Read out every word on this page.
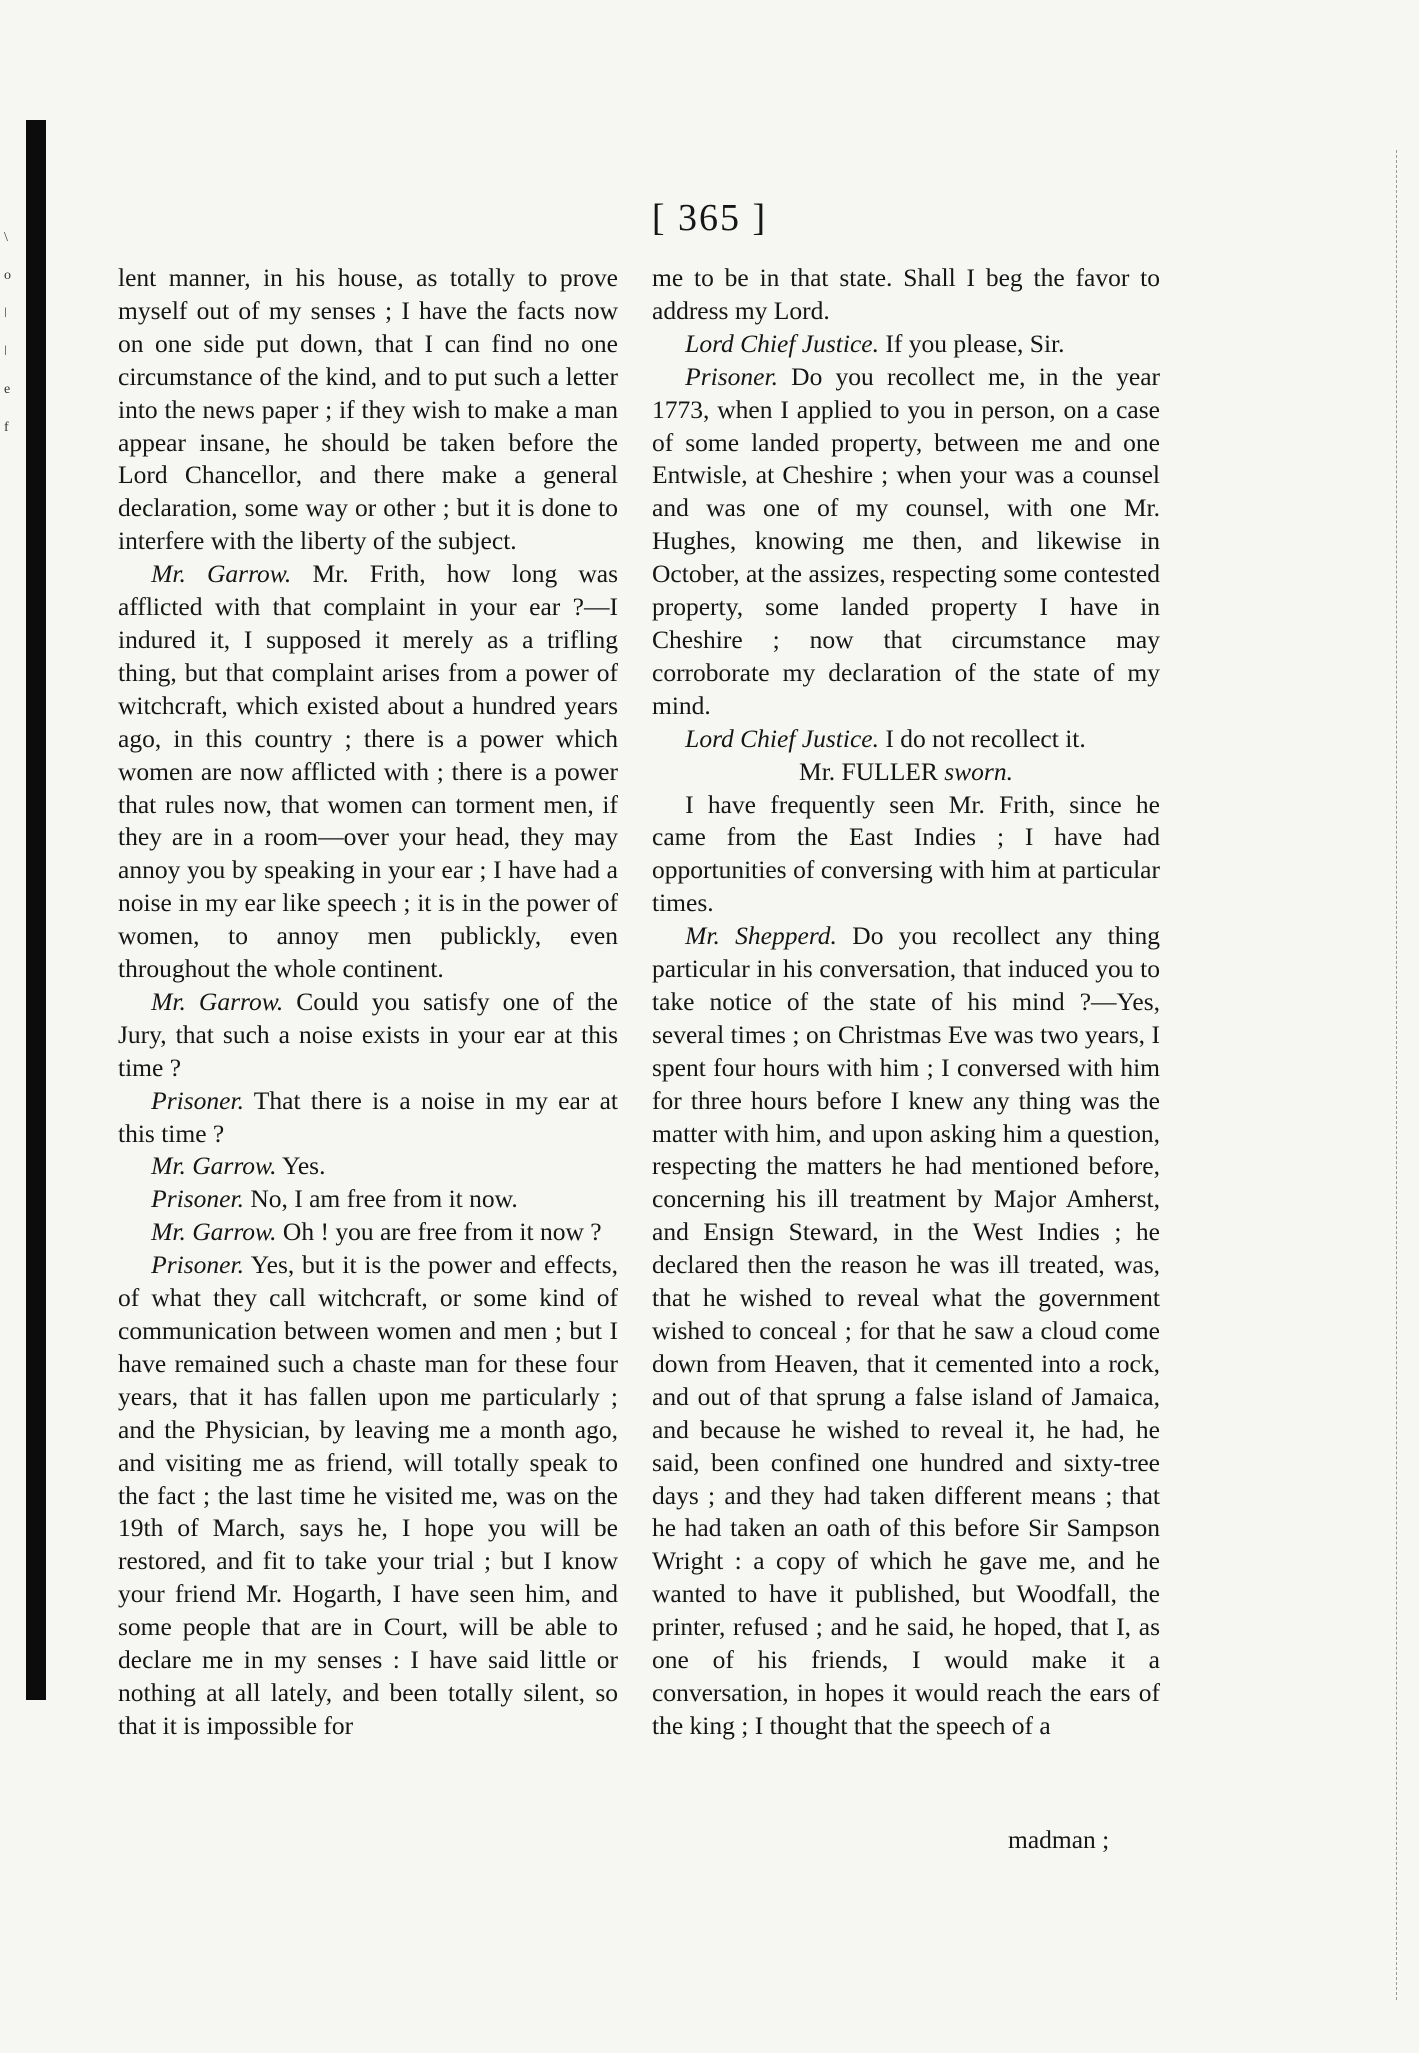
\
o
ǀ
ǀ
e
f
[ 365 ]

lent manner, in his house, as totally to prove myself out of my senses ; I have the facts now on one side put down, that I can find no one circumstance of the kind, and to put such a letter into the news paper ; if they wish to make a man appear insane, he should be taken before the Lord Chancellor, and there make a general declaration, some way or other ; but it is done to interfere with the liberty of the subject.

Mr. Garrow. Mr. Frith, how long was afflicted with that complaint in your ear ?—I indured it, I supposed it merely as a trifling thing, but that complaint arises from a power of witchcraft, which existed about a hundred years ago, in this country ; there is a power which women are now afflicted with ; there is a power that rules now, that women can torment men, if they are in a room—over your head, they may annoy you by speaking in your ear ; I have had a noise in my ear like speech ; it is in the power of women, to annoy men publickly, even throughout the whole continent.

Mr. Garrow. Could you satisfy one of the Jury, that such a noise exists in your ear at this time ?

Prisoner. That there is a noise in my ear at this time ?

Mr. Garrow. Yes.

Prisoner. No, I am free from it now.

Mr. Garrow. Oh ! you are free from it now ?

Prisoner. Yes, but it is the power and effects, of what they call witchcraft, or some kind of communication between women and men ; but I have remained such a chaste man for these four years, that it has fallen upon me particularly ; and the Physician, by leaving me a month ago, and visiting me as friend, will totally speak to the fact ; the last time he visited me, was on the 19th of March, says he, I hope you will be restored, and fit to take your trial ; but I know your friend Mr. Hogarth, I have seen him, and some people that are in Court, will be able to declare me in my senses : I have said little or nothing at all lately, and been totally silent, so that it is impossible for

me to be in that state. Shall I beg the favor to address my Lord.

Lord Chief Justice. If you please, Sir.

Prisoner. Do you recollect me, in the year 1773, when I applied to you in person, on a case of some landed property, between me and one Entwisle, at Cheshire ; when your was a counsel and was one of my counsel, with one Mr. Hughes, knowing me then, and likewise in October, at the assizes, respecting some contested property, some landed property I have in Cheshire ; now that circumstance may corroborate my declaration of the state of my mind.

Lord Chief Justice. I do not recollect it.

Mr. FULLER sworn.

I have frequently seen Mr. Frith, since he came from the East Indies ; I have had opportunities of conversing with him at particular times.

Mr. Shepperd. Do you recollect any thing particular in his conversation, that induced you to take notice of the state of his mind ?—Yes, several times ; on Christmas Eve was two years, I spent four hours with him ; I conversed with him for three hours before I knew any thing was the matter with him, and upon asking him a question, respecting the matters he had mentioned before, concerning his ill treatment by Major Amherst, and Ensign Steward, in the West Indies ; he declared then the reason he was ill treated, was, that he wished to reveal what the government wished to conceal ; for that he saw a cloud come down from Heaven, that it cemented into a rock, and out of that sprung a false island of Jamaica, and because he wished to reveal it, he had, he said, been confined one hundred and sixty-tree days ; and they had taken different means ; that he had taken an oath of this before Sir Sampson Wright : a copy of which he gave me, and he wanted to have it published, but Woodfall, the printer, refused ; and he said, he hoped, that I, as one of his friends, I would make it a conversation, in hopes it would reach the ears of the king ; I thought that the speech of a

madman ;
